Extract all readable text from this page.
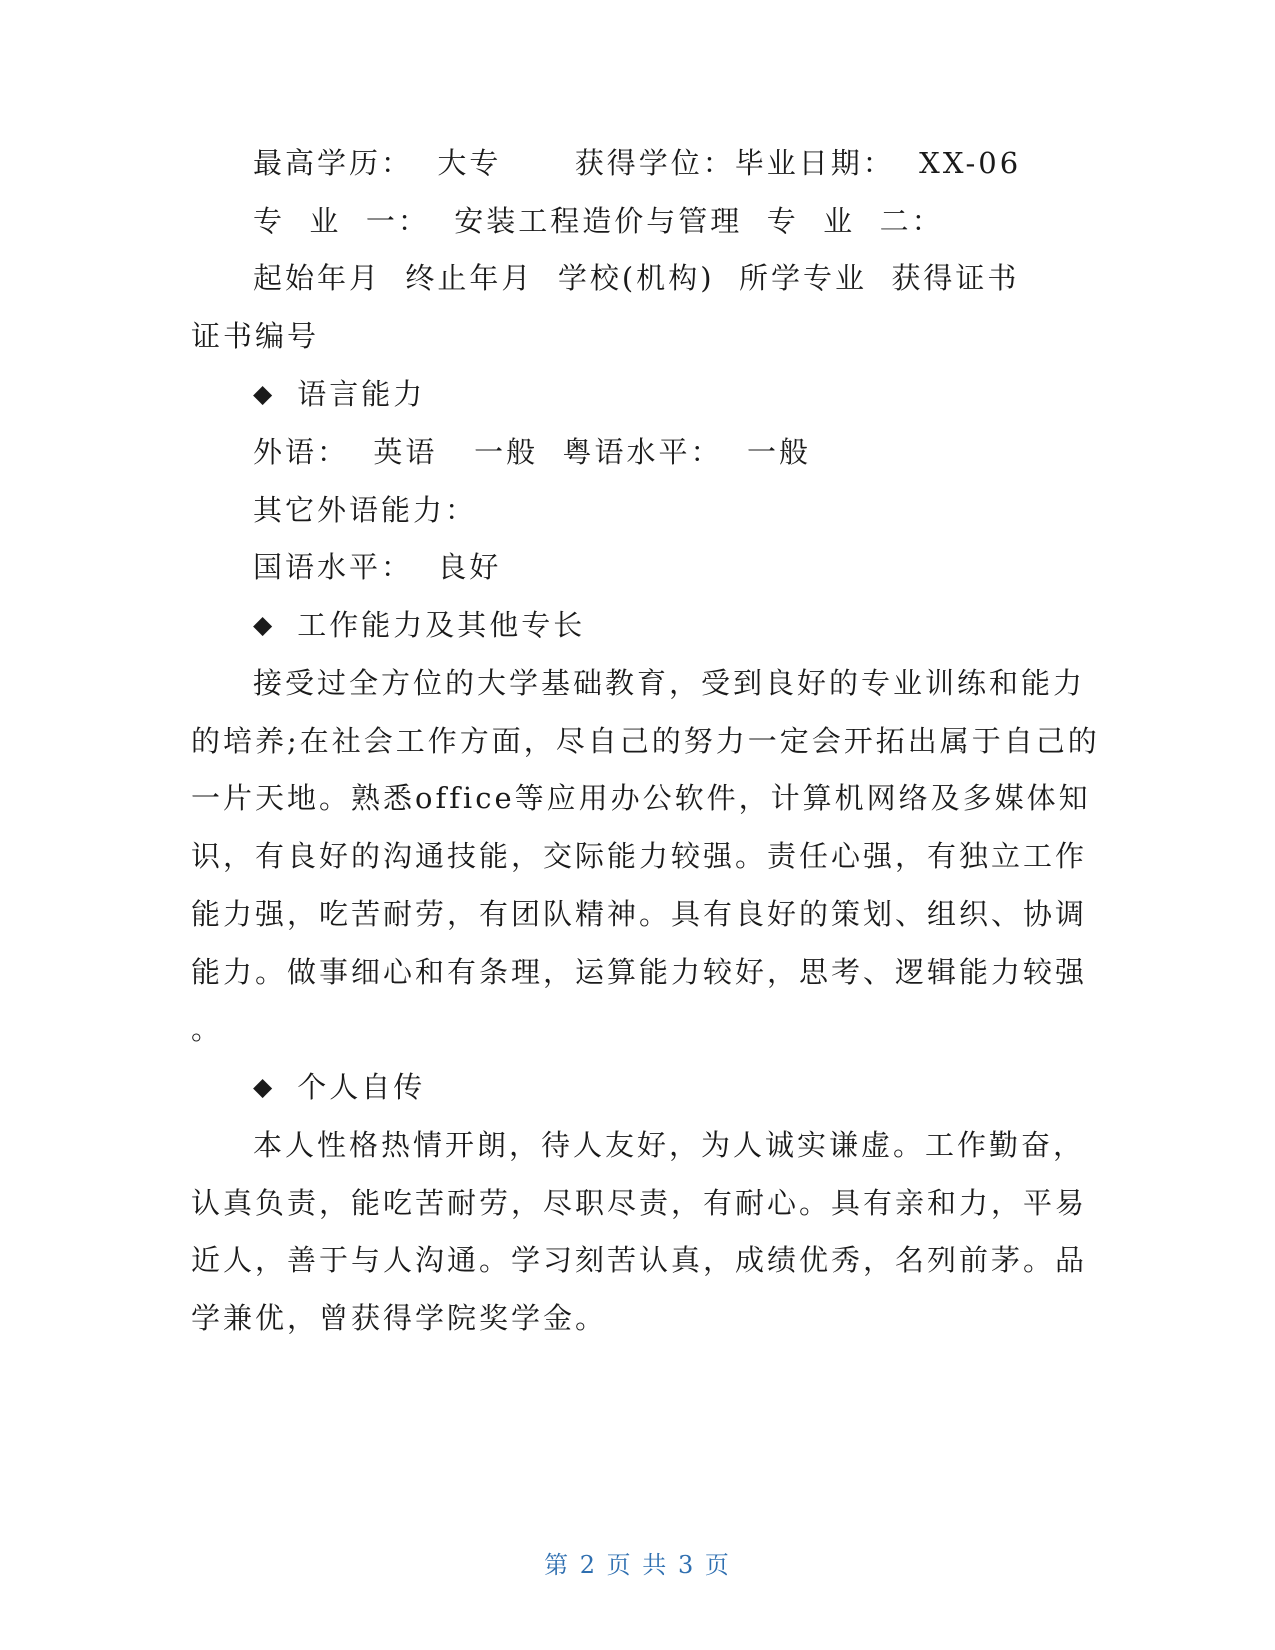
最高学历：  大专      获得学位：毕业日期：  XX-06
专  业  一：  安装工程造价与管理  专  业  二：
起始年月  终止年月  学校(机构)  所学专业  获得证书
证书编号
◆ 语言能力
外语：  英语   一般  粤语水平：  一般
其它外语能力：
国语水平：  良好
◆ 工作能力及其他专长
接受过全方位的大学基础教育，受到良好的专业训练和能力
的培养;在社会工作方面，尽自己的努力一定会开拓出属于自己的
一片天地。熟悉office等应用办公软件，计算机网络及多媒体知
识，有良好的沟通技能，交际能力较强。责任心强，有独立工作
能力强，吃苦耐劳，有团队精神。具有良好的策划、组织、协调
能力。做事细心和有条理，运算能力较好，思考、逻辑能力较强
。
◆ 个人自传
本人性格热情开朗，待人友好，为人诚实谦虚。工作勤奋，
认真负责，能吃苦耐劳，尽职尽责，有耐心。具有亲和力，平易
近人，善于与人沟通。学习刻苦认真，成绩优秀，名列前茅。品
学兼优，曾获得学院奖学金。
第 2 页 共 3 页
